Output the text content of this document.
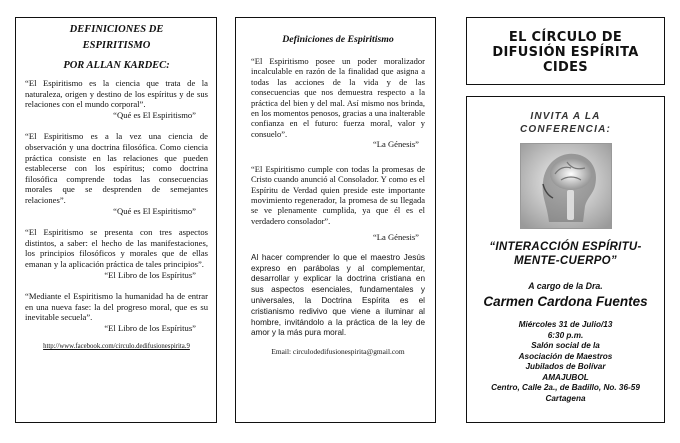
DEFINICIONES DE
ESPIRITISMO
POR ALLAN KARDEC:
“El Espiritismo es la ciencia que trata de la naturaleza, origen y destino de los espíritus y de sus relaciones con el mundo corporal”.
“Qué es El Espiritismo”
“El Espiritismo es a la vez una ciencia de observación y una doctrina filosófica. Como ciencia práctica consiste en las relaciones que pueden establecerse con los espíritus; como doctrina filosófica comprende todas las consecuencias morales que se desprenden de semejantes relaciones”.
“Qué es El Espiritismo”
“El Espiritismo se presenta con tres aspectos distintos, a saber: el hecho de las manifestaciones, los principios filosóficos y morales que de ellas emanan y la aplicación práctica de tales principios”.
“El Libro de los Espíritus”
“Mediante el Espiritismo la humanidad ha de entrar en una nueva fase: la del progreso moral, que es su inevitable secuela”.
“El Libro de los Espíritus”
http://www.facebook.com/circulo.dedifusionespirita.9
Definiciones de Espiritismo
“El Espiritismo posee un poder moralizador incalculable en razón de la finalidad que asigna a todas las acciones de la vida y de las consecuencias que nos demuestra respecto a la práctica del bien y del mal. Así mismo nos brinda, en los momentos penosos, gracias a una inalterable confianza en el futuro: fuerza moral, valor y consuelo”.
“La Génesis”
“El Espiritismo cumple con todas la promesas de Cristo cuando anunció al Consolador. Y como es el Espíritu de Verdad quien preside este importante movimiento regenerador, la promesa de su llegada se ve plenamente cumplida, ya que él es el verdadero consolador”.
“La Génesis”
Al hacer comprender lo que el maestro Jesús expreso en parábolas y al complementar, desarrollar y explicar la doctrina cristiana en sus aspectos esenciales, fundamentales y universales, la Doctrina Espírita es el cristianismo redivivo que viene a iluminar al hombre, invitándolo a la práctica de la ley de amor y la más pura moral.
Email: circulodedifusionespirita@gmail.com
EL CÍRCULO DE
DIFUSIÓN ESPÍRITA
CIDES
INVITA A LA
CONFERENCIA:
“INTERACCIÓN ESPÍRITU-
MENTE-CUERPO”
A cargo de la Dra.
Carmen Cardona Fuentes
Miércoles 31 de Julio/13
6:30 p.m.
Salón social de la
Asociación de Maestros
Jubilados de Bolívar
AMAJUBOL
Centro, Calle 2a., de Badillo, No. 36-59
Cartagena
